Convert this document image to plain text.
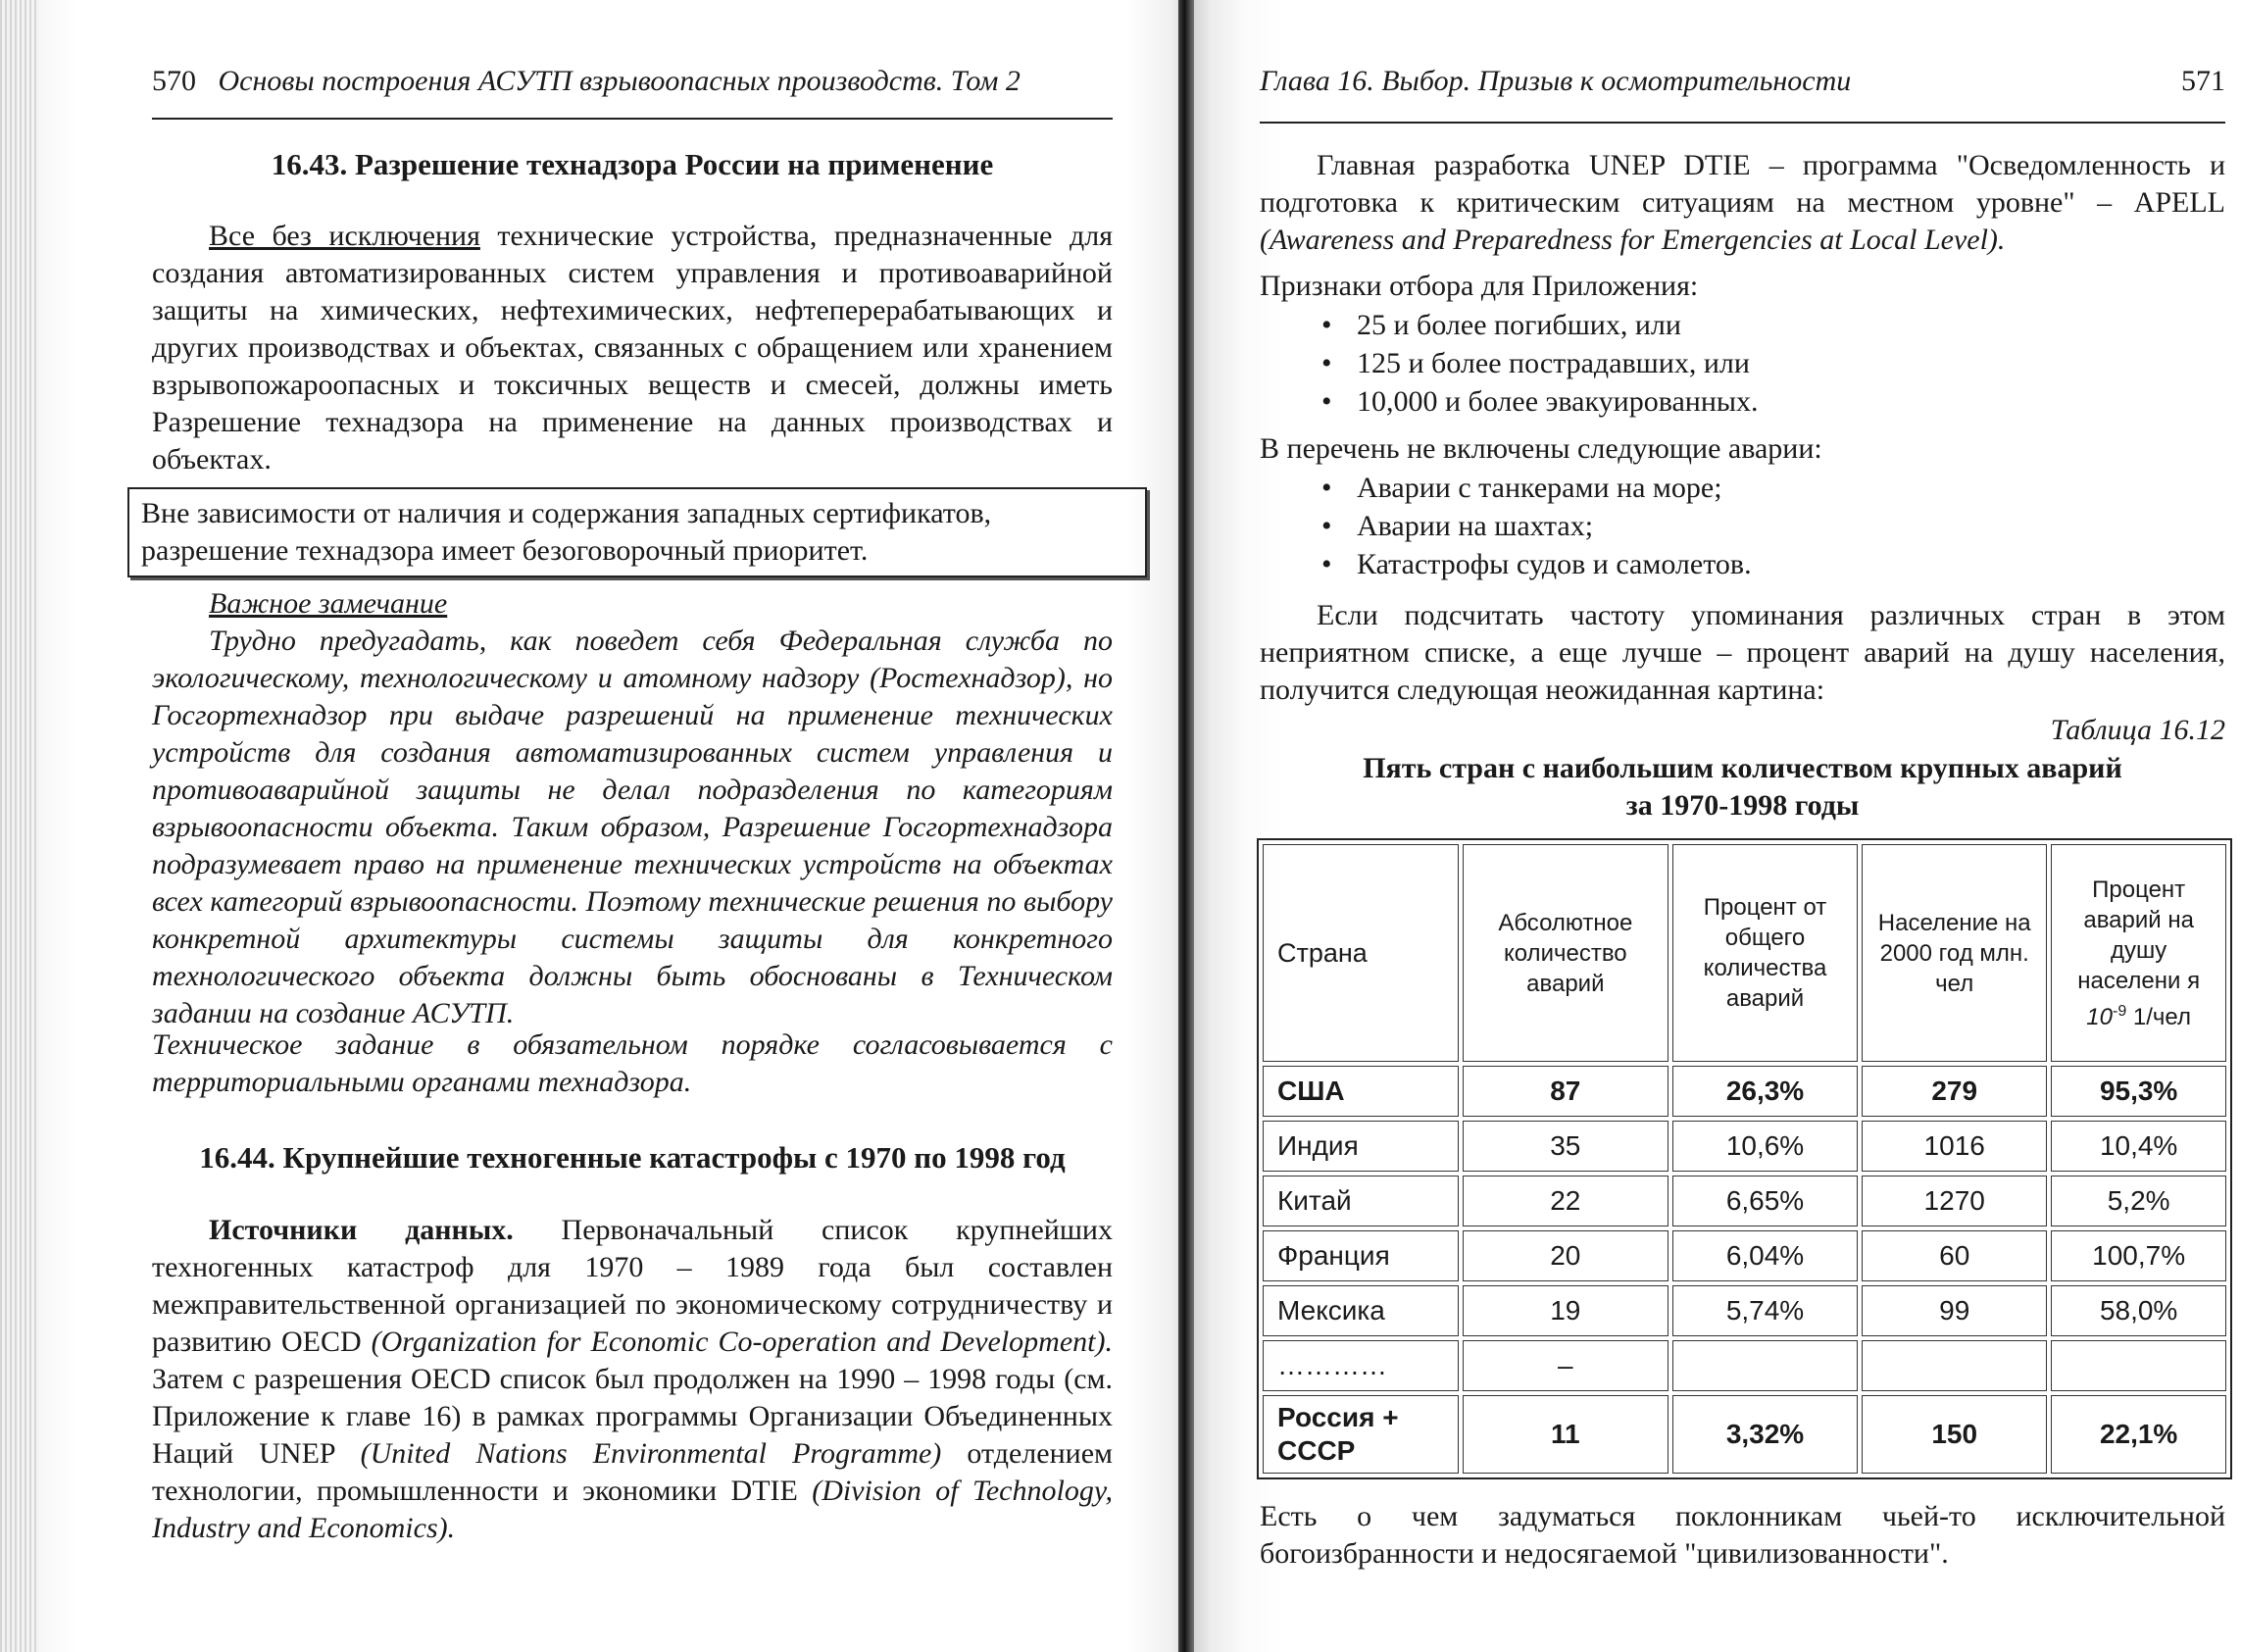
570 Основы построения АСУТП взрывоопасных производств. Том 2
16.43. Разрешение технадзора России на применение
Все без исключения технические устройства, предназначенные для создания автоматизированных систем управления и противоаварийной защиты на химических, нефтехимических, нефтеперерабатывающих и других производствах и объектах, связанных с обращением или хранением взрывопожароопасных и токсичных веществ и смесей, должны иметь Разрешение технадзора на применение на данных производствах и объектах.
Вне зависимости от наличия и содержания западных сертификатов, разрешение технадзора имеет безоговорочный приоритет.
Важное замечание
Трудно предугадать, как поведет себя Федеральная служба по экологическому, технологическому и атомному надзору (Ростехнадзор), но Госгортехнадзор при выдаче разрешений на применение технических устройств для создания автоматизированных систем управления и противоаварийной защиты не делал подразделения по категориям взрывоопасности объекта. Таким образом, Разрешение Госгортехнадзора подразумевает право на применение технических устройств на объектах всех категорий взрывоопасности. Поэтому технические решения по выбору конкретной архитектуры системы защиты для конкретного технологического объекта должны быть обоснованы в Техническом задании на создание АСУТП.
Техническое задание в обязательном порядке согласовывается с территориальными органами технадзора.
16.44. Крупнейшие техногенные катастрофы с 1970 по 1998 год
Источники данных. Первоначальный список крупнейших техногенных катастроф для 1970 – 1989 года был составлен межправительственной организацией по экономическому сотрудничеству и развитию OECD (Organization for Economic Co-operation and Development). Затем с разрешения OECD список был продолжен на 1990 – 1998 годы (см. Приложение к главе 16) в рамках программы Организации Объединенных Наций UNEP (United Nations Environmental Programme) отделением технологии, промышленности и экономики DTIE (Division of Technology, Industry and Economics).
Глава 16. Выбор. Призыв к осмотрительности	571
Главная разработка UNEP DTIE – программа "Осведомленность и подготовка к критическим ситуациям на местном уровне" – APELL (Awareness and Preparedness for Emergencies at Local Level).
Признаки отбора для Приложения:
• 25 и более погибших, или
• 125 и более пострадавших, или
• 10,000 и более эвакуированных.
В перечень не включены следующие аварии:
• Аварии с танкерами на море;
• Аварии на шахтах;
• Катастрофы судов и самолетов.
Если подсчитать частоту упоминания различных стран в этом неприятном списке, а еще лучше – процент аварий на душу населения, получится следующая неожиданная картина:
Таблица 16.12
Пять стран с наибольшим количеством крупных аварий
за 1970-1998 годы
Страна	Абсолютное количество аварий	Процент от общего количества аварий	Население на 2000 год млн. чел	Процент аварий на душу населени я
$10^{-9}$ 1/чел

США	87	26,3%	279	95,3%
Индия	35	10,6%	1016	10,4%
Китай	22	6,65%	1270	5,2%
Франция	20	6,04%	60	100,7%
Мексика	19	5,74%	99	58,0%
…………	–			
Россия + СССР	11	3,32%	150	22,1%
Есть о чем задуматься поклонникам чьей-то исключительной богоизбранности и недосягаемой "цивилизованности".
